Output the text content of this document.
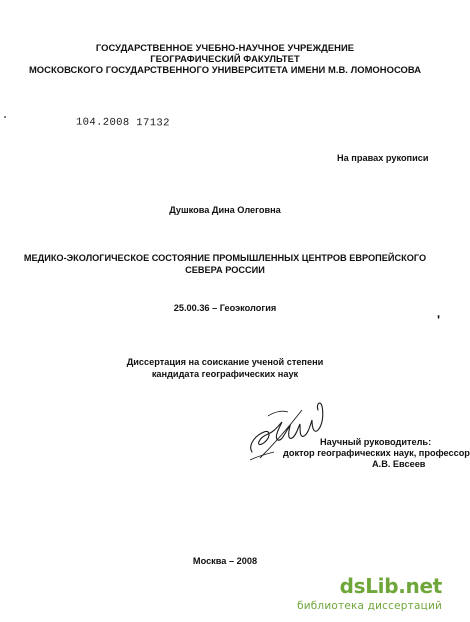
ГОСУДАРСТВЕННОЕ УЧЕБНО-НАУЧНОЕ УЧРЕЖДЕНИЕ
ГЕОГРАФИЧЕСКИЙ ФАКУЛЬТЕТ
МОСКОВСКОГО ГОСУДАРСТВЕННОГО УНИВЕРСИТЕТА ИМЕНИ М.В. ЛОМОНОСОВА
104.2008 17132
На правах рукописи
Душкова Дина Олеговна
МЕДИКО-ЭКОЛОГИЧЕСКОЕ СОСТОЯНИЕ ПРОМЫШЛЕННЫХ ЦЕНТРОВ ЕВРОПЕЙСКОГО
СЕВЕРА РОССИИ
25.00.36 – Геоэкология
ʹ
Диссертация на соискание ученой степени
кандидата географических наук
Научный руководитель:
доктор географических наук, профессор
А.В. Евсеев
Москва – 2008
dsLib.net
библиотека диссертаций
